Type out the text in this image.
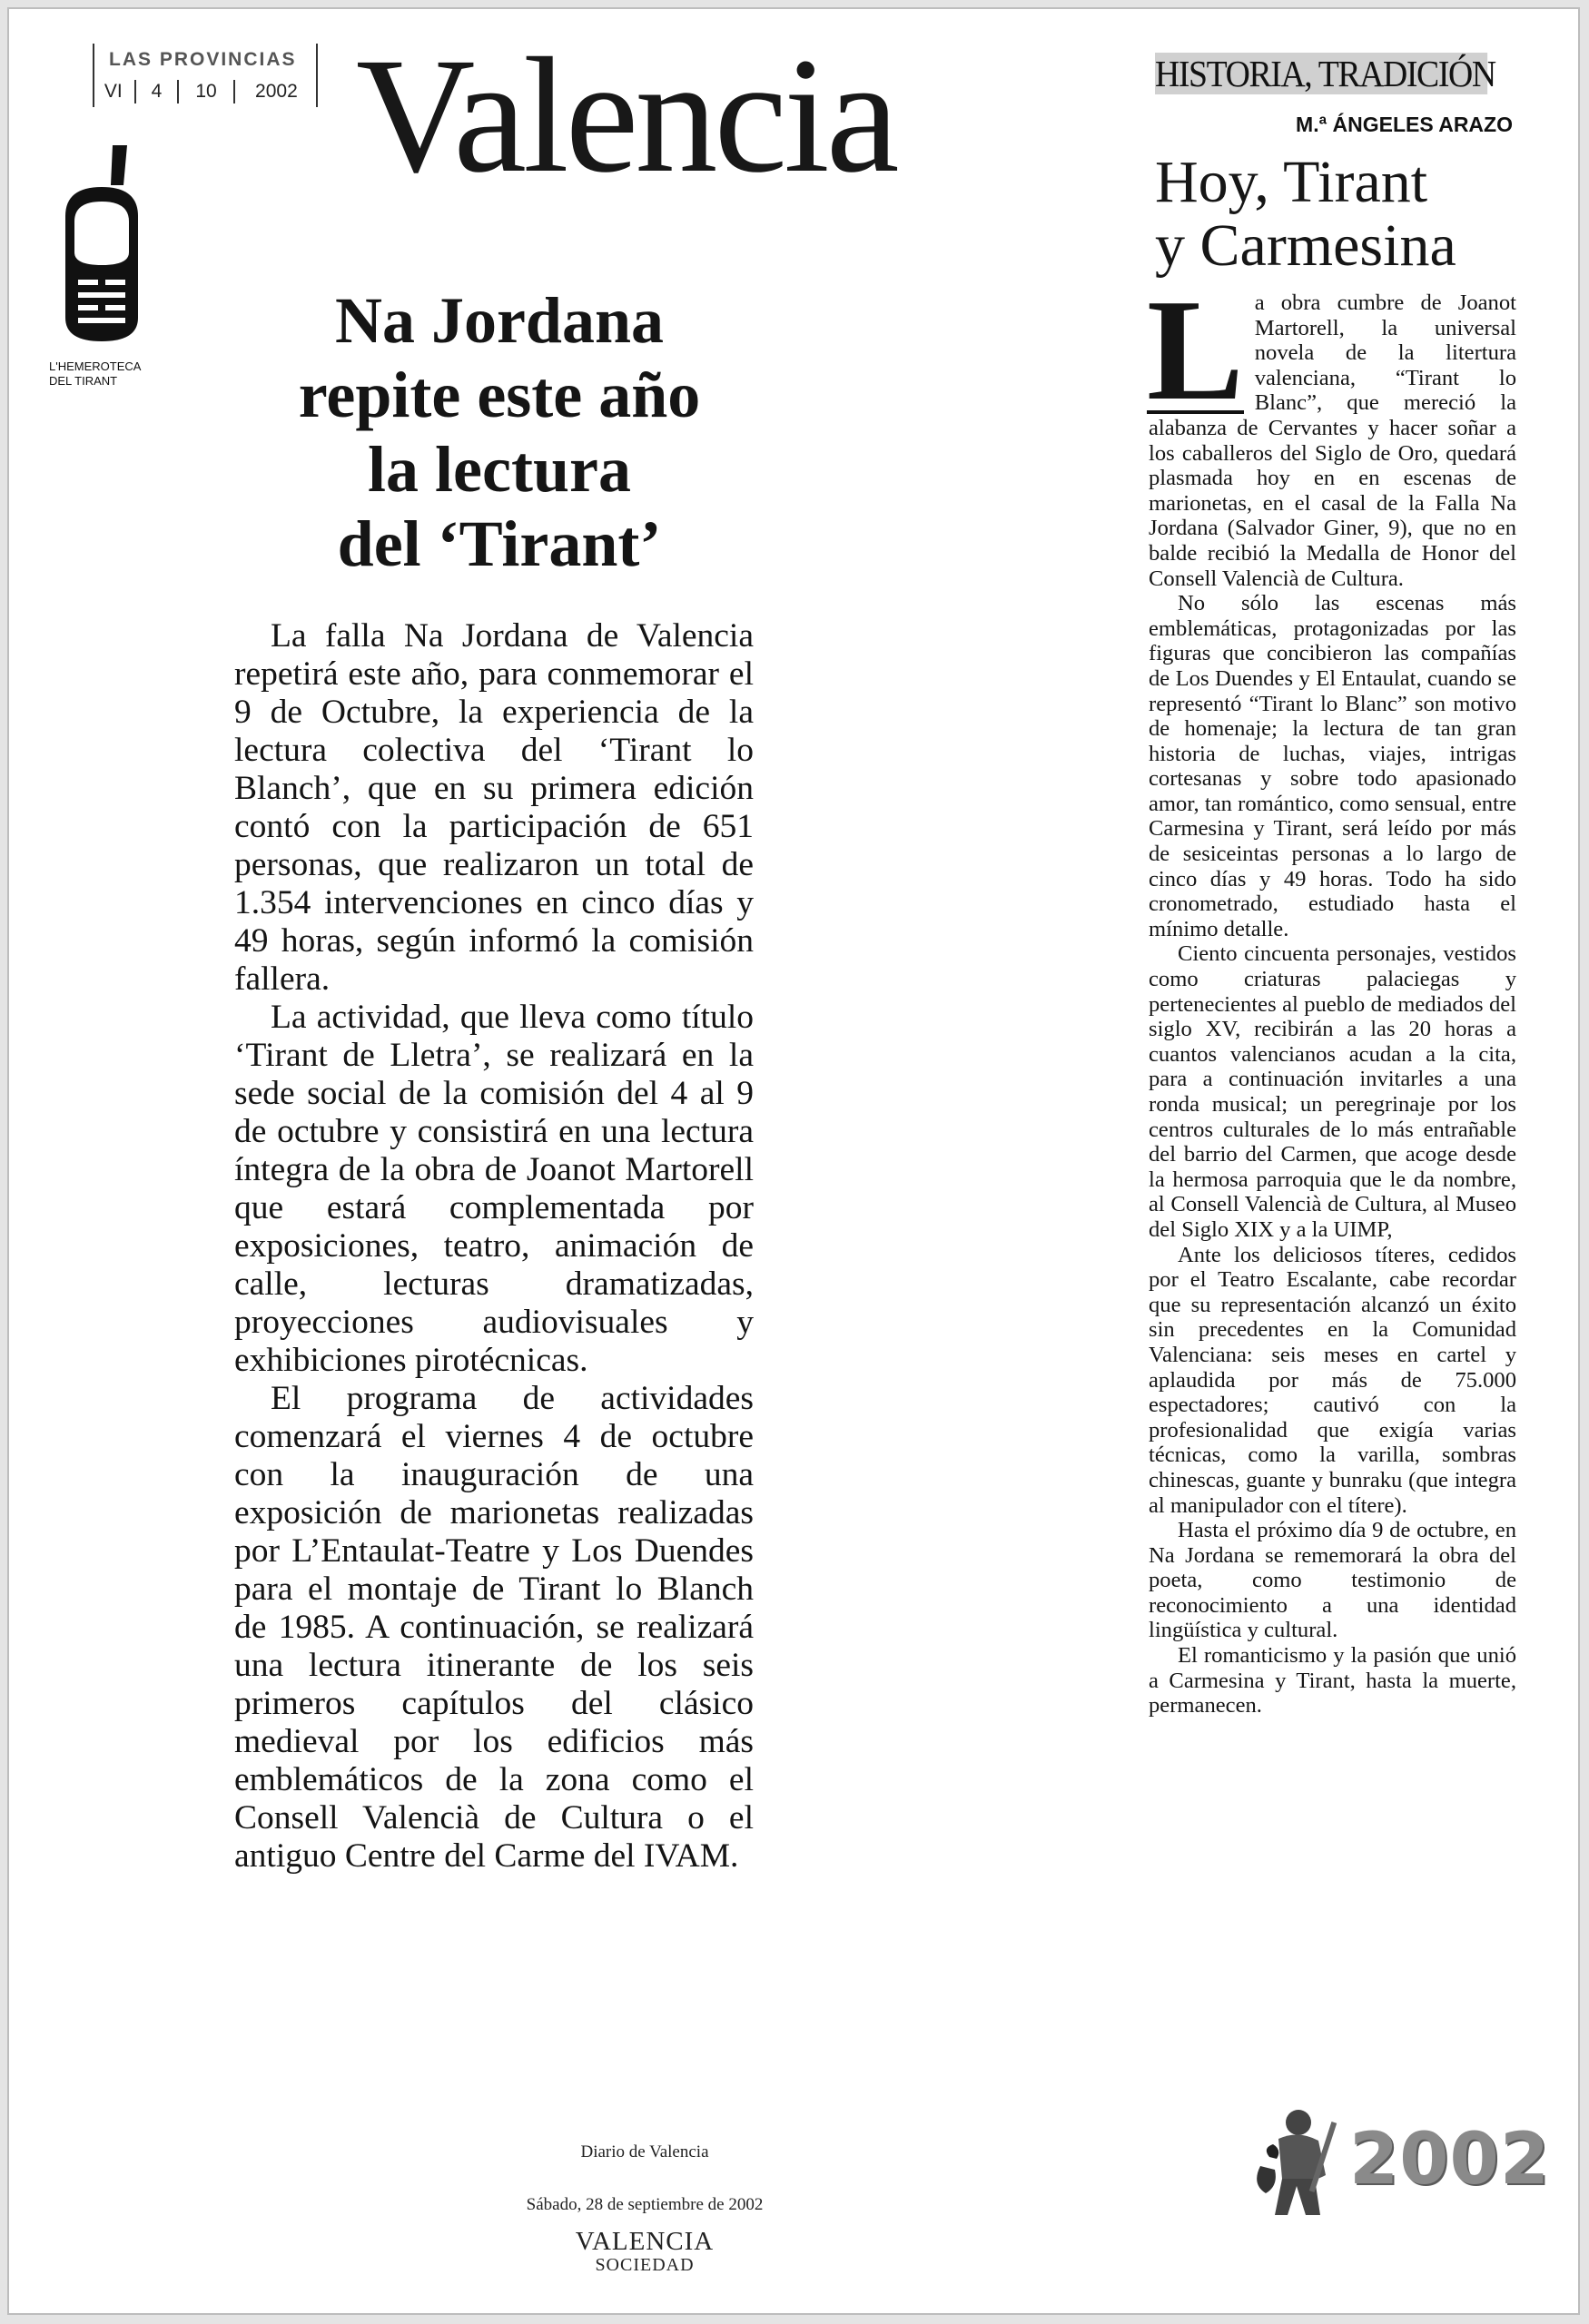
LAS PROVINCIAS
VI	4	10	2002
L'HEMEROTECA
DEL TIRANT
Valencia
Na Jordana
repite este año
la lectura
del ‘Tirant’

La falla Na Jordana de Valencia repetirá este año, para conmemorar el 9 de Octubre, la experiencia de la lectura colectiva del ‘Tirant lo Blanch’, que en su primera edición contó con la participación de 651 personas, que realizaron un total de 1.354 intervenciones en cinco días y 49 horas, según informó la comisión fallera.

La actividad, que lleva como título ‘Tirant de Lletra’, se realizará en la sede social de la comisión del 4 al 9 de octubre y consistirá en una lectura íntegra de la obra de Joanot Martorell que estará complementada por exposiciones, teatro, animación de calle, lecturas dramatizadas, proyecciones audiovisuales y exhibiciones pirotécnicas.

El programa de actividades comenzará el viernes 4 de octubre con la inauguración de una exposición de marionetas realizadas por L’Entaulat-Teatre y Los Duendes para el montaje de Tirant lo Blanch de 1985. A continuación, se realizará una lectura itinerante de los seis primeros capítulos del clásico medieval por los edificios más emblemáticos de la zona como el Consell Valencià de Cultura o el antiguo Centre del Carme del IVAM.

Diario de Valencia
Sábado, 28 de septiembre de 2002
VALENCIA
SOCIEDAD
HISTORIA, TRADICIÓN
M.ª ÁNGELES ARAZO
Hoy, Tirant
y Carmesina

L a obra cumbre de Joanot Martorell, la universal novela de la litertura valenciana, “Tirant lo Blanc”, que mereció la alabanza de Cervantes y hacer soñar a los caballeros del Siglo de Oro, quedará plasmada hoy en en escenas de marionetas, en el casal de la Falla Na Jordana (Salvador Giner, 9), que no en balde recibió la Medalla de Honor del Consell Valencià de Cultura.

No sólo las escenas más emblemáticas, protagonizadas por las figuras que concibieron las compañías de Los Duendes y El Entaulat, cuando se representó “Tirant lo Blanc” son motivo de homenaje; la lectura de tan gran historia de luchas, viajes, intrigas cortesanas y sobre todo apasionado amor, tan romántico, como sensual, entre Carmesina y Tirant, será leído por más de sesiceintas personas a lo largo de cinco días y 49 horas. Todo ha sido cronometrado, estudiado hasta el mínimo detalle.

Ciento cincuenta personajes, vestidos como criaturas palaciegas y pertenecientes al pueblo de mediados del siglo XV, recibirán a las 20 horas a cuantos valencianos acudan a la cita, para a continuación invitarles a una ronda musical; un peregrinaje por los centros culturales de lo más entrañable del barrio del Carmen, que acoge desde la hermosa parroquia que le da nombre, al Consell Valencià de Cultura, al Museo del Siglo XIX y a la UIMP,

Ante los deliciosos títeres, cedidos por el Teatro Escalante, cabe recordar que su representación alcanzó un éxito sin precedentes en la Comunidad Valenciana: seis meses en cartel y aplaudida por más de 75.000 espectadores; cautivó con la profesionalidad que exigía varias técnicas, como la varilla, sombras chinescas, guante y bunraku (que integra al manipulador con el títere).

Hasta el próximo día 9 de octubre, en Na Jordana se rememorará la obra del poeta, como testimonio de reconocimiento a una identidad lingüística y cultural.

El romanticismo y la pasión que unió a Carmesina y Tirant, hasta la muerte, permanecen.

2002
